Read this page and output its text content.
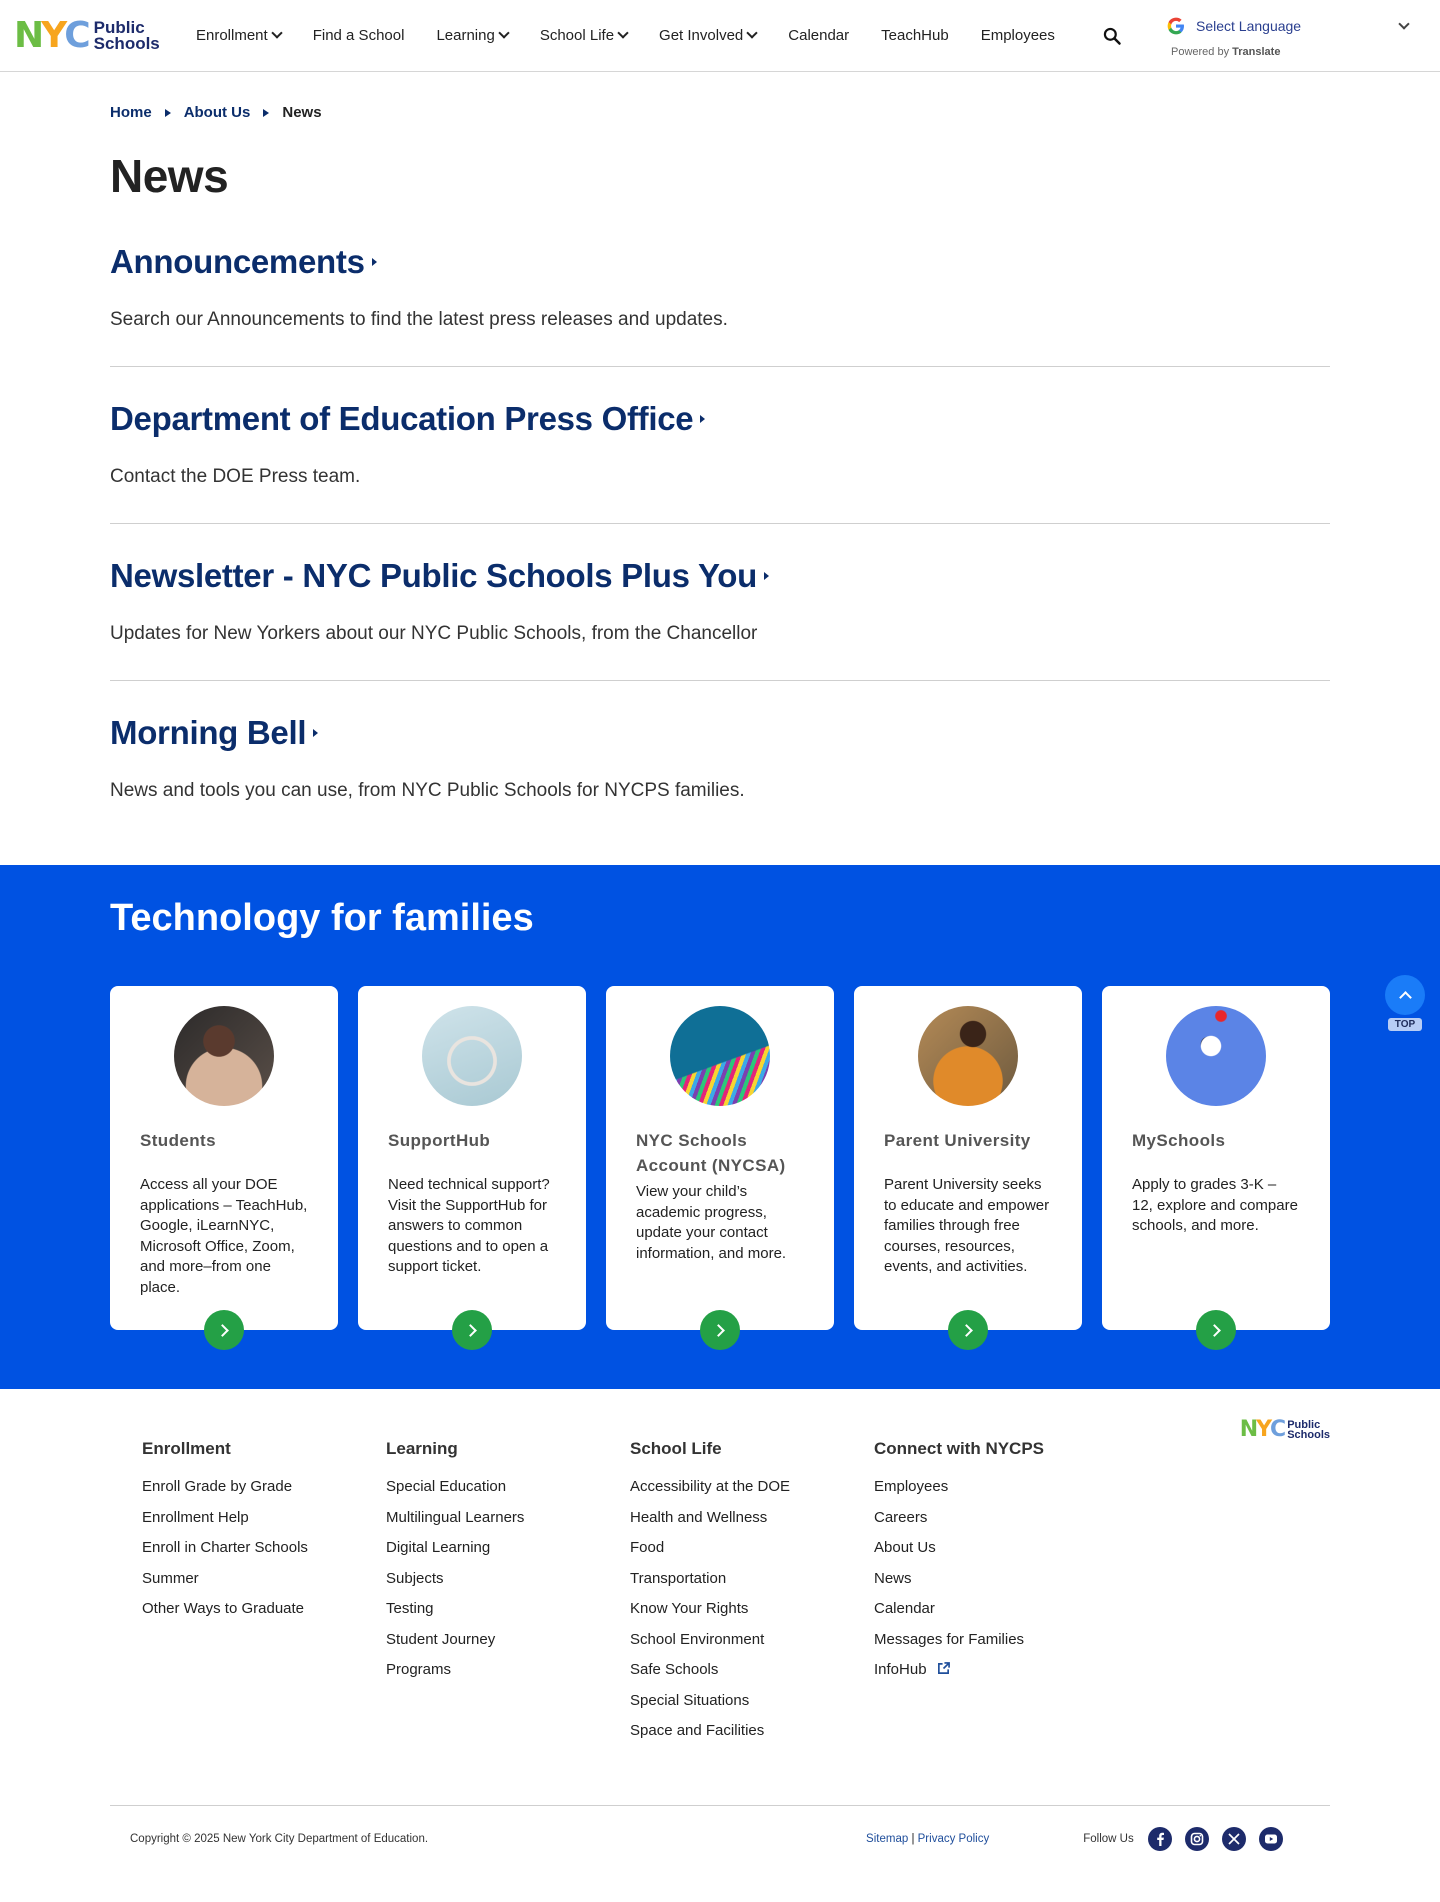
N Y C Public
Schools Enrollment	Find a School Learning	School Life	Get Involved	Calendar TeachHub Employees
Select Language
Powered by Translate
Home About Us News
News
Announcements

Search our Announcements to find the latest press releases and updates.

Department of Education Press Office

Contact the DOE Press team.

Newsletter - NYC Public Schools Plus You

Updates for New Yorkers about our NYC Public Schools, from the Chancellor

Morning Bell

News and tools you can use, from NYC Public Schools for NYCPS families.

Technology for families
Students
Access all your DOE applications – TeachHub, Google, iLearnNYC, Microsoft Office, Zoom, and more–from one place.
SupportHub
Need technical support? Visit the SupportHub for answers to common questions and to open a support ticket.
NYC Schools Account (NYCSA)
View your child’s academic progress, update your contact information, and more.
Parent University
Parent University seeks to educate and empower families through free courses, resources, events, and activities.
MySchools
Apply to grades 3-K – 12, explore and compare schools, and more.
TOP
N Y C Public
Schools
Enrollment
Enroll Grade by Grade
Enrollment Help
Enroll in Charter Schools
Summer
Other Ways to Graduate
Learning
Special Education
Multilingual Learners
Digital Learning
Subjects
Testing
Student Journey
Programs
School Life
Accessibility at the DOE
Health and Wellness
Food
Transportation
Know Your Rights
School Environment
Safe Schools
Special Situations
Space and Facilities
Connect with NYCPS
Employees
Careers
About Us
News
Calendar
Messages for Families
InfoHub
Copyright © 2025 New York City Department of Education.	Sitemap | Privacy Policy	Follow Us
